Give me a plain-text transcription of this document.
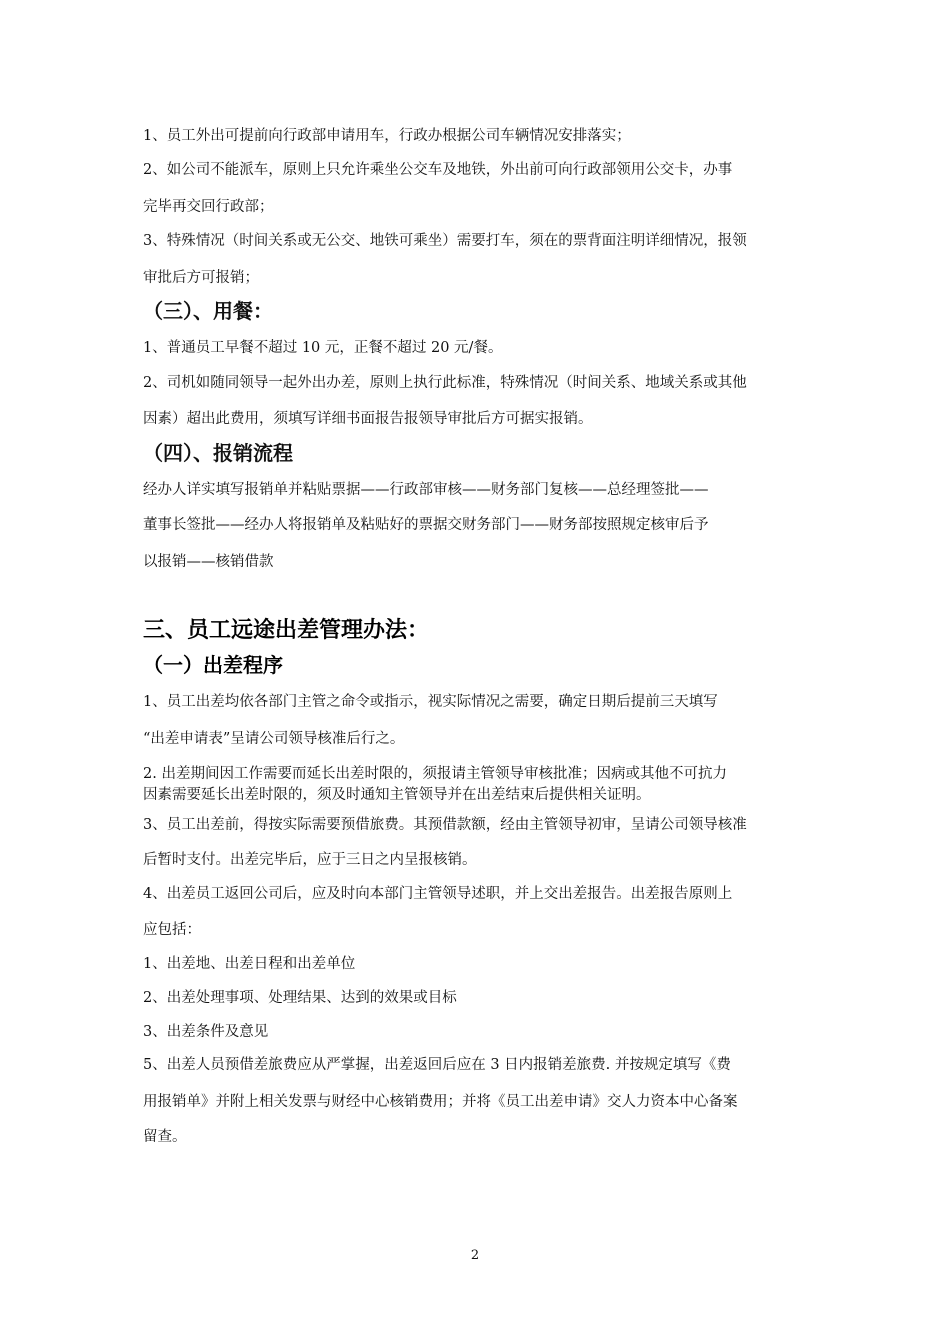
1、员工外出可提前向行政部申请用车，行政办根据公司车辆情况安排落实；

2、如公司不能派车，原则上只允许乘坐公交车及地铁，外出前可向行政部领用公交卡，办事

完毕再交回行政部；

3、特殊情况（时间关系或无公交、地铁可乘坐）需要打车，须在的票背面注明详细情况，报领

审批后方可报销；

（三）、用餐：

1、普通员工早餐不超过 10 元，正餐不超过 20 元/餐。

2、司机如随同领导一起外出办差，原则上执行此标准，特殊情况（时间关系、地域关系或其他

因素）超出此费用，须填写详细书面报告报领导审批后方可据实报销。

（四）、报销流程

经办人详实填写报销单并粘贴票据——行政部审核——财务部门复核——总经理签批——

董事长签批——经办人将报销单及粘贴好的票据交财务部门——财务部按照规定核审后予

以报销——核销借款

三、员工远途出差管理办法：
（一）出差程序

1、员工出差均依各部门主管之命令或指示，视实际情况之需要，确定日期后提前三天填写

“出差申请表”呈请公司领导核准后行之。

2. 出差期间因工作需要而延长出差时限的，须报请主管领导审核批准；因病或其他不可抗力

因素需要延长出差时限的，须及时通知主管领导并在出差结束后提供相关证明。

3、员工出差前，得按实际需要预借旅费。其预借款额，经由主管领导初审，呈请公司领导核准

后暂时支付。出差完毕后，应于三日之内呈报核销。

4、出差员工返回公司后，应及时向本部门主管领导述职，并上交出差报告。出差报告原则上

应包括：

1、出差地、出差日程和出差单位

2、出差处理事项、处理结果、达到的效果或目标

3、出差条件及意见

5、出差人员预借差旅费应从严掌握，出差返回后应在 3 日内报销差旅费. 并按规定填写《费

用报销单》并附上相关发票与财经中心核销费用；并将《员工出差申请》交人力资本中心备案

留查。

2
